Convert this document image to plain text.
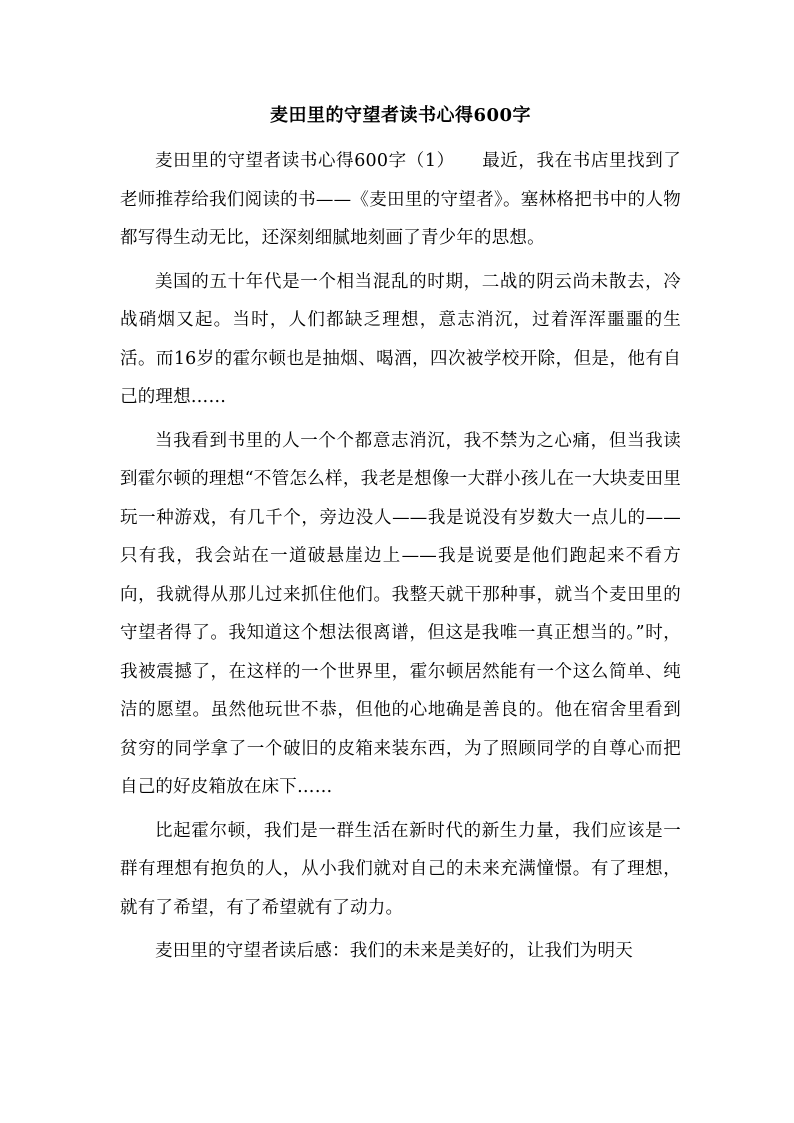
麦田里的守望者读书心得600字

麦田里的守望者读书心得600字（1）　　最近，我在书店里找到了老师推荐给我们阅读的书——《麦田里的守望者》。塞林格把书中的人物都写得生动无比，还深刻细腻地刻画了青少年的思想。

美国的五十年代是一个相当混乱的时期，二战的阴云尚未散去，冷战硝烟又起。当时，人们都缺乏理想，意志消沉，过着浑浑噩噩的生活。而16岁的霍尔顿也是抽烟、喝酒，四次被学校开除，但是，他有自己的理想……

当我看到书里的人一个个都意志消沉，我不禁为之心痛，但当我读到霍尔顿的理想“不管怎么样，我老是想像一大群小孩儿在一大块麦田里玩一种游戏，有几千个，旁边没人——我是说没有岁数大一点儿的——只有我，我会站在一道破悬崖边上——我是说要是他们跑起来不看方向，我就得从那儿过来抓住他们。我整天就干那种事，就当个麦田里的守望者得了。我知道这个想法很离谱，但这是我唯一真正想当的。”时，我被震撼了，在这样的一个世界里，霍尔顿居然能有一个这么简单、纯洁的愿望。虽然他玩世不恭，但他的心地确是善良的。他在宿舍里看到贫穷的同学拿了一个破旧的皮箱来装东西，为了照顾同学的自尊心而把自己的好皮箱放在床下……

比起霍尔顿，我们是一群生活在新时代的新生力量，我们应该是一群有理想有抱负的人，从小我们就对自己的未来充满憧憬。有了理想，就有了希望，有了希望就有了动力。

麦田里的守望者读后感：我们的未来是美好的，让我们为明天
